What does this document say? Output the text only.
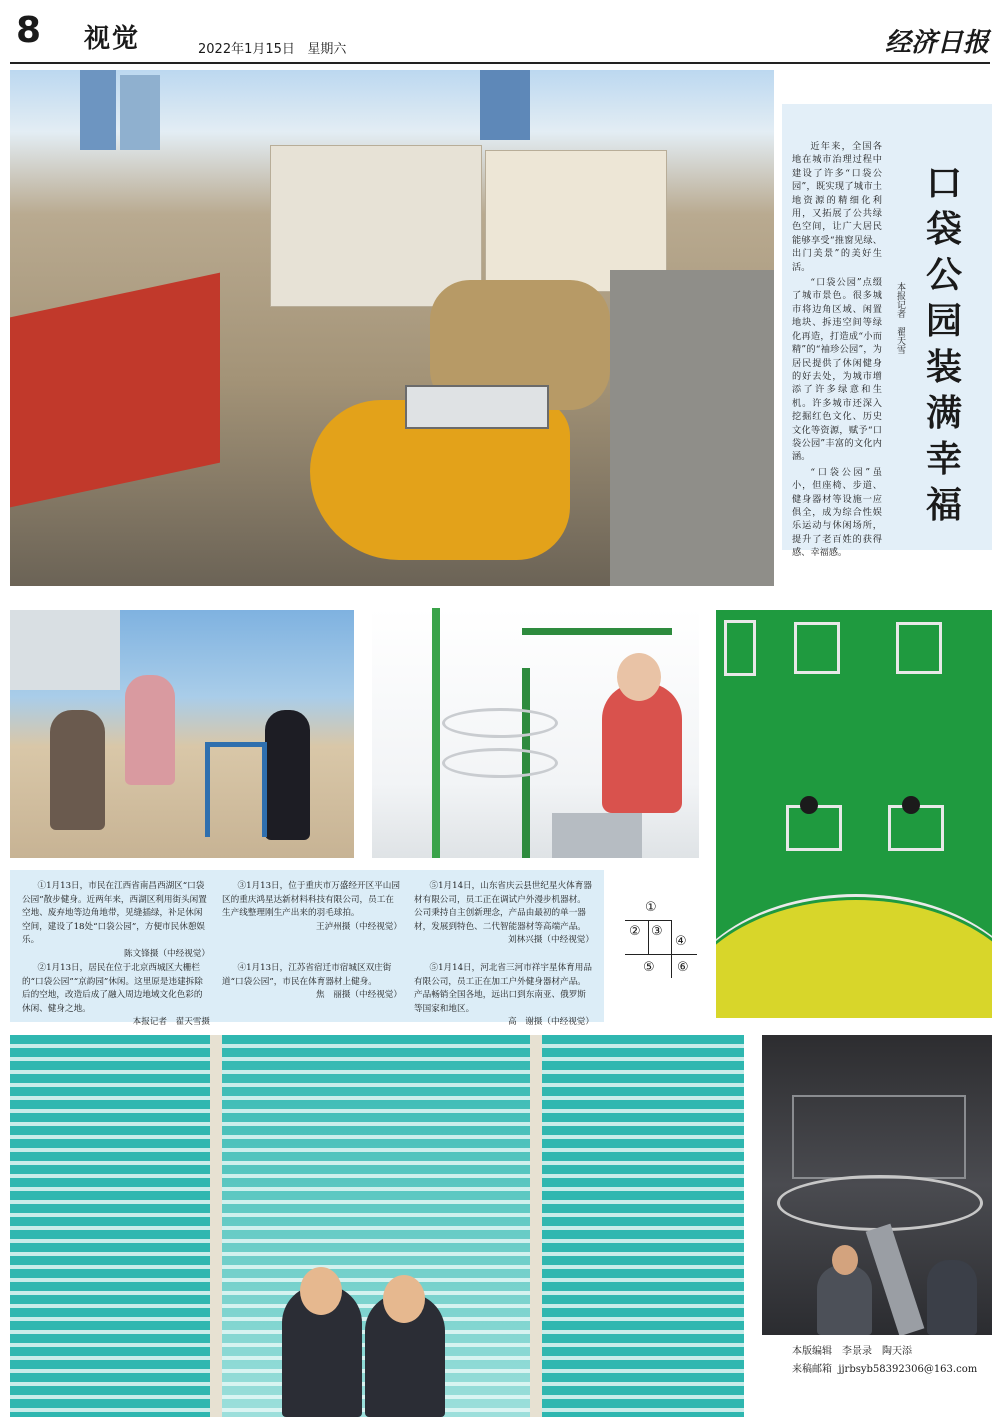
8 视觉	2022年1月15日 星期六	经济日报
①1月13日，市民在江西省南昌西湖区“口袋公园”散步健身。近两年来，西湖区利用街头闲置空地、废弃地等边角地带，见缝插绿，补足休闲空间，建设了18处“口袋公园”，方便市民休憩娱乐。
陈文锋摄（中经视觉）
②1月13日，居民在位于北京西城区大栅栏的“口袋公园”“京韵园”休闲。这里原是违建拆除后的空地，改造后成了融入周边地域文化色彩的休闲、健身之地。
本报记者　翟天雪摄
③1月13日，位于重庆市万盛经开区平山园区的重庆鸿星达新材料科技有限公司，员工在生产线整理刚生产出来的羽毛球拍。
王泸州摄（中经视觉）
④1月13日，江苏省宿迁市宿城区双庄街道“口袋公园”，市民在体育器材上健身。
焦　丽摄（中经视觉）
⑤1月14日，山东省庆云县世纪星火体育器材有限公司，员工正在调试户外漫步机器材。公司秉持自主创新理念，产品由最初的单一器材，发展到特色、二代智能器材等高端产品。
刘林兴摄（中经视觉）
⑤1月14日，河北省三河市祥宇星体育用品有限公司，员工正在加工户外健身器材产品。产品畅销全国各地，远出口到东南亚、俄罗斯等国家和地区。
高　谢摄（中经视觉）
①
② ③
④
⑤ ⑥

近年来，全国各地在城市治理过程中建设了许多“口袋公园”，既实现了城市土地资源的精细化利用，又拓展了公共绿色空间，让广大居民能够享受“推窗见绿、出门美景”的美好生活。

“口袋公园”点缀了城市景色。很多城市将边角区域、闲置地块、拆违空间等绿化再造，打造成“小而精”的“袖珍公园”，为居民提供了休闲健身的好去处，为城市增添了许多绿意和生机。许多城市还深入挖掘红色文化、历史文化等资源，赋予“口袋公园”丰富的文化内涵。

“口袋公园”虽小，但座椅、步道、健身器材等设施一应俱全，成为综合性娱乐运动与休闲场所，提升了老百姓的获得感、幸福感。

本报记者　翟天雪
口袋公园装满幸福
本版编辑　李景录　陶天添
来稿邮箱 jjrbsyb58392306@163.com
